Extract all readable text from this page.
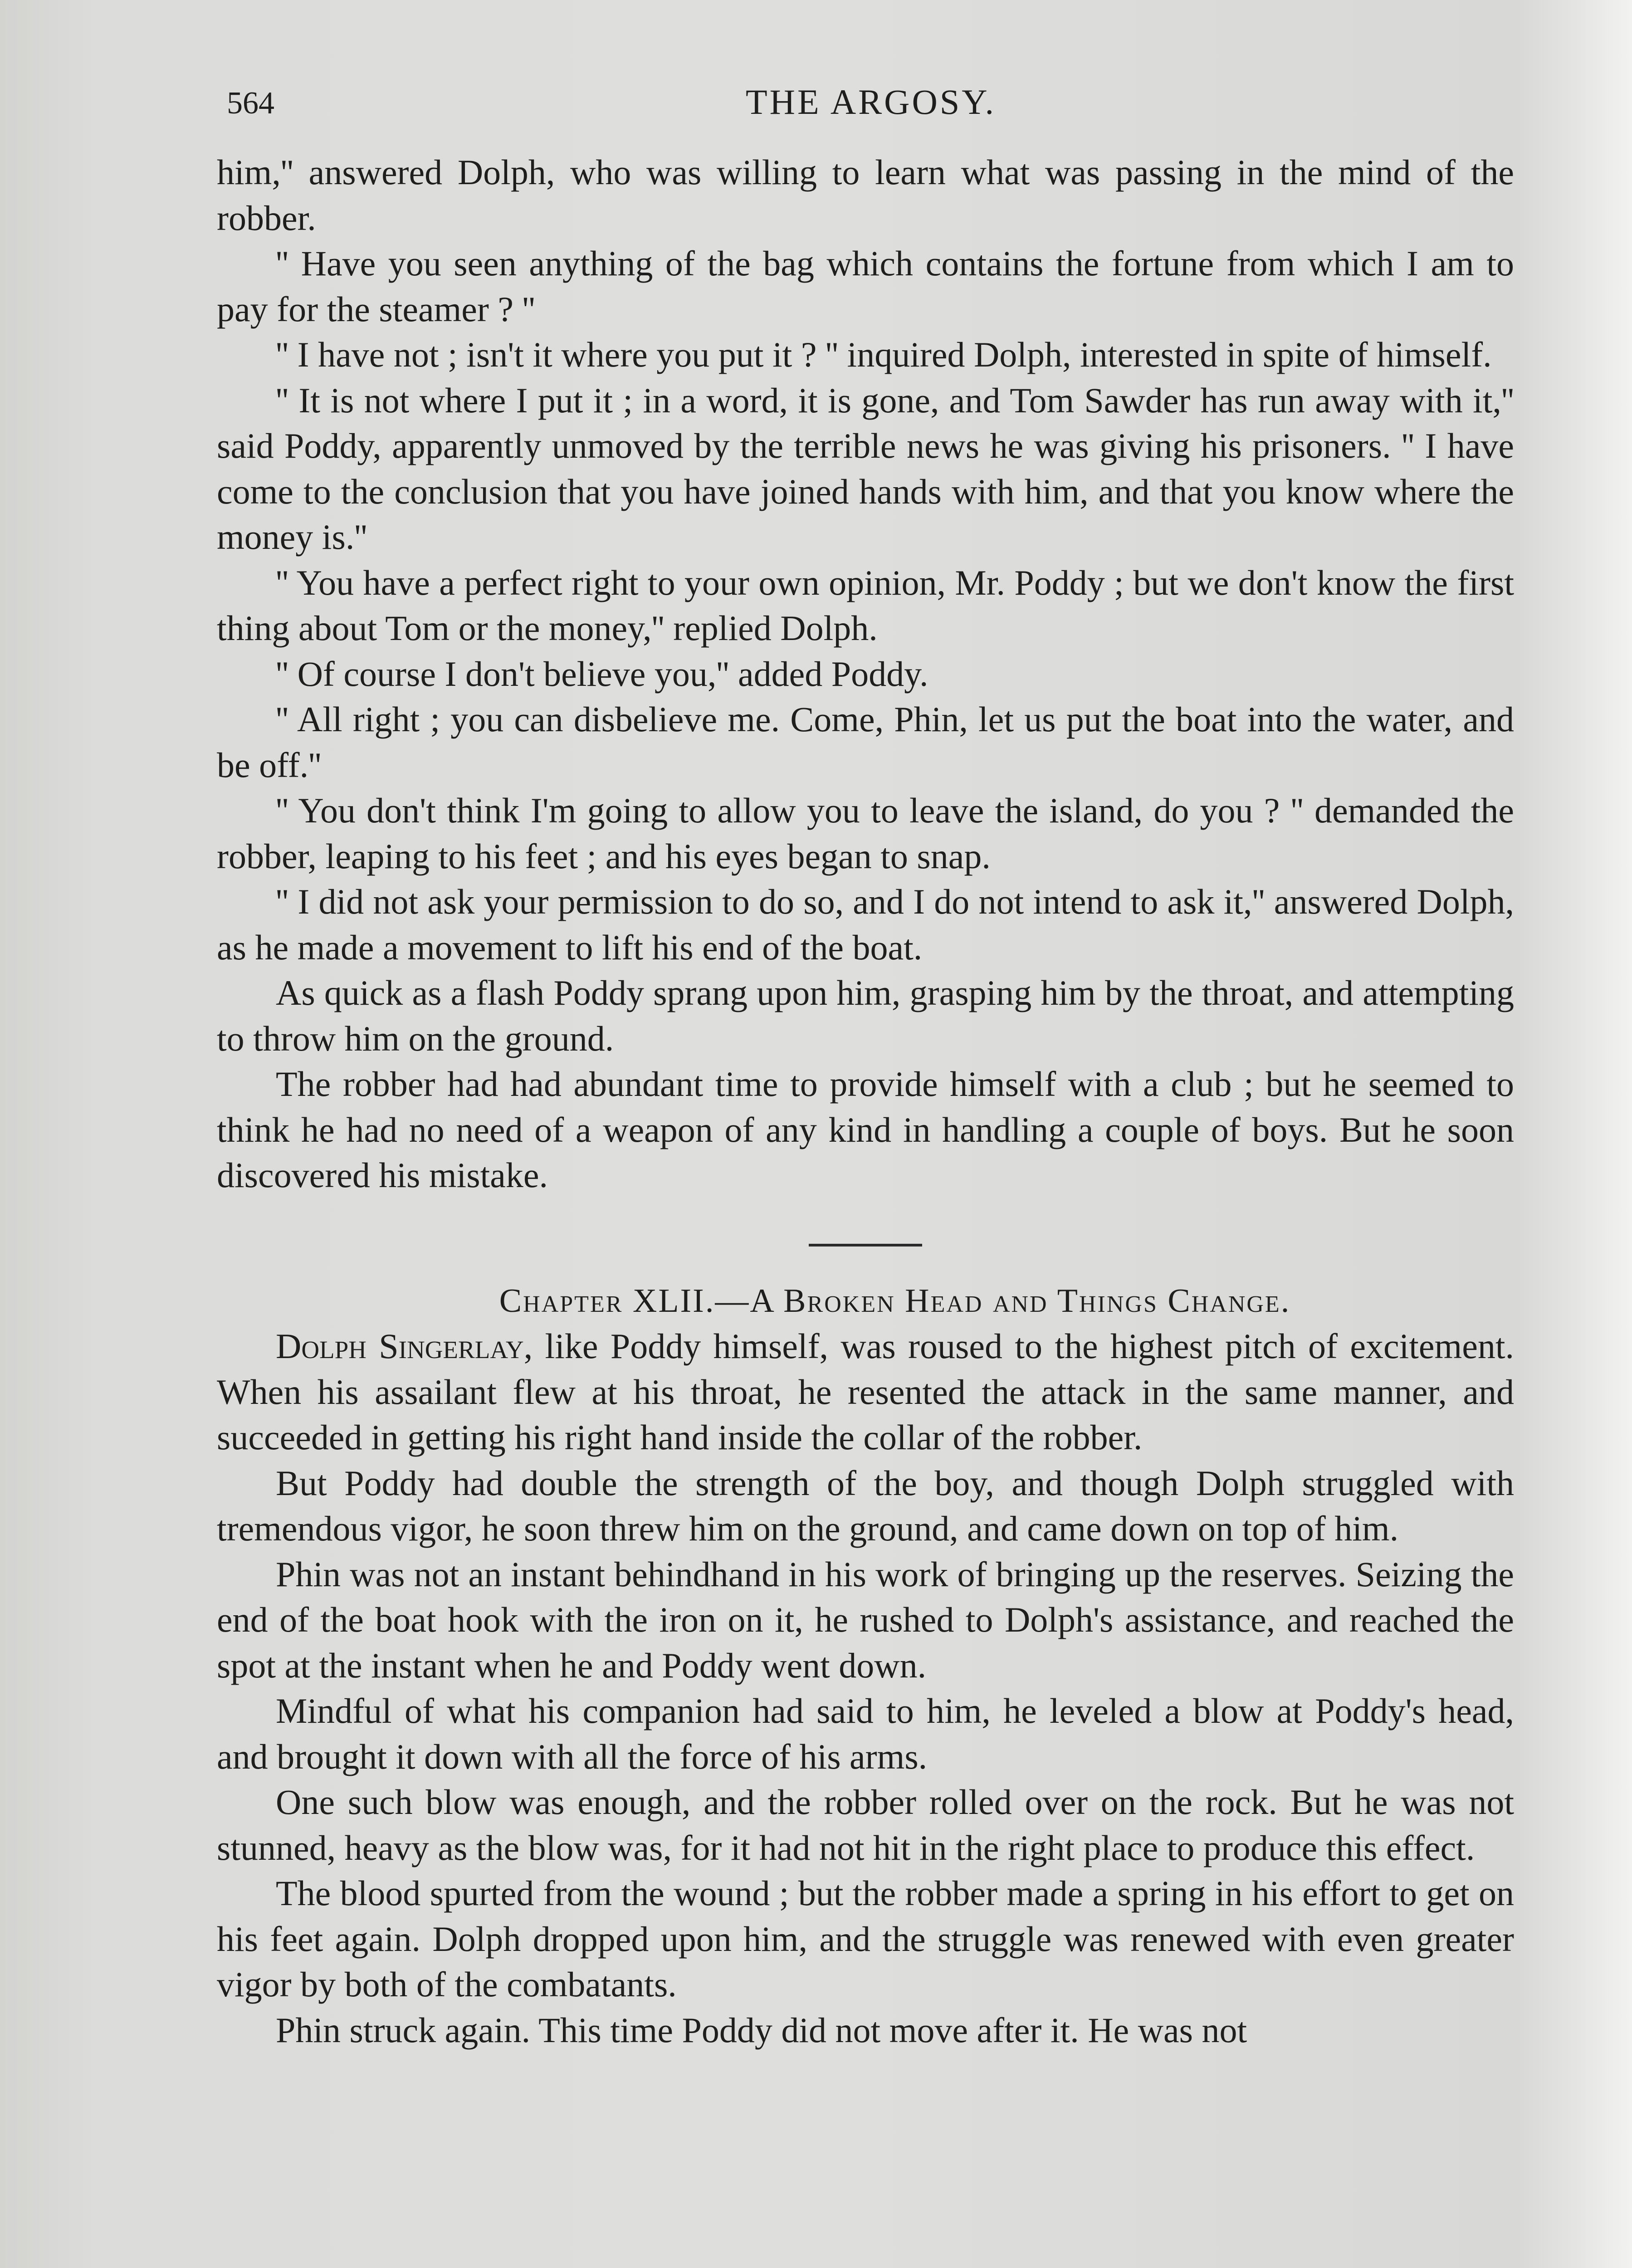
564	THE ARGOSY.

him,'' answered Dolph, who was willing to learn what was passing in the mind of the robber.

'' Have you seen anything of the bag which contains the fortune from which I am to pay for the steamer ? ''

'' I have not ; isn't it where you put it ? '' inquired Dolph, interested in spite of himself.

'' It is not where I put it ; in a word, it is gone, and Tom Sawder has run away with it,'' said Poddy, apparently unmoved by the terrible news he was giving his prisoners. '' I have come to the conclusion that you have joined hands with him, and that you know where the money is.''

'' You have a perfect right to your own opinion, Mr. Poddy ; but we don't know the first thing about Tom or the money,'' replied Dolph.

'' Of course I don't believe you,'' added Poddy.

'' All right ; you can disbelieve me. Come, Phin, let us put the boat into the water, and be off.''

'' You don't think I'm going to allow you to leave the island, do you ? '' demanded the robber, leaping to his feet ; and his eyes began to snap.

'' I did not ask your permission to do so, and I do not intend to ask it,'' answered Dolph, as he made a movement to lift his end of the boat.

As quick as a flash Poddy sprang upon him, grasping him by the throat, and attempting to throw him on the ground.

The robber had had abundant time to provide himself with a club ; but he seemed to think he had no need of a weapon of any kind in handling a couple of boys. But he soon discovered his mistake.

Chapter XLII.—A Broken Head and Things Change.

Dolph Singerlay, like Poddy himself, was roused to the highest pitch of excitement. When his assailant flew at his throat, he resented the attack in the same manner, and succeeded in getting his right hand inside the collar of the robber.

But Poddy had double the strength of the boy, and though Dolph struggled with tremendous vigor, he soon threw him on the ground, and came down on top of him.

Phin was not an instant behindhand in his work of bringing up the reserves. Seizing the end of the boat hook with the iron on it, he rushed to Dolph's assistance, and reached the spot at the instant when he and Poddy went down.

Mindful of what his companion had said to him, he leveled a blow at Poddy's head, and brought it down with all the force of his arms.

One such blow was enough, and the robber rolled over on the rock. But he was not stunned, heavy as the blow was, for it had not hit in the right place to produce this effect.

The blood spurted from the wound ; but the robber made a spring in his effort to get on his feet again. Dolph dropped upon him, and the struggle was renewed with even greater vigor by both of the combatants.

Phin struck again. This time Poddy did not move after it. He was not
